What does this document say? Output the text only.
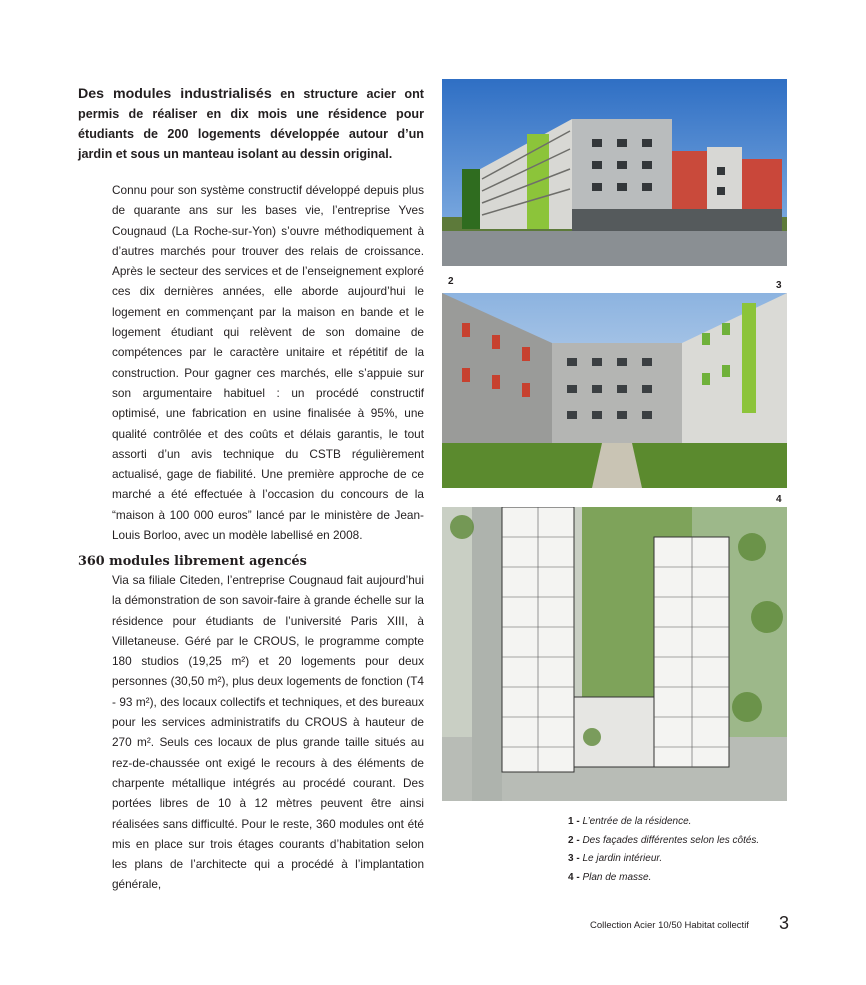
Des modules industrialisés en structure acier ont permis de réaliser en dix mois une résidence pour étudiants de 200 logements développée autour d’un jardin et sous un manteau isolant au dessin original.

Connu pour son système constructif développé depuis plus de quarante ans sur les bases vie, l’entreprise Yves Cougnaud (La Roche-sur-Yon) s’ouvre méthodiquement à d’autres marchés pour trouver des relais de croissance. Après le secteur des services et de l’enseignement exploré ces dix dernières années, elle aborde aujourd’hui le logement en commençant par la maison en bande et le logement étudiant qui relèvent de son domaine de compétences par le caractère unitaire et répétitif de la construction. Pour gagner ces marchés, elle s’appuie sur son argumentaire habituel : un procédé constructif optimisé, une fabrication en usine finalisée à 95%, une qualité contrôlée et des coûts et délais garantis, le tout assorti d’un avis technique du CSTB régulièrement actualisé, gage de fiabilité. Une première approche de ce marché a été effectuée à l’occasion du concours de la “maison à 100 000 euros” lancé par le ministère de Jean-Louis Borloo, avec un modèle labellisé en 2008.

360 modules librement agencés

Via sa filiale Citeden, l’entreprise Cougnaud fait aujourd’hui la démonstration de son savoir-faire à grande échelle sur la résidence pour étudiants de l’université Paris XIII, à Villetaneuse. Géré par le CROUS, le programme compte 180 studios (19,25 m²) et 20 logements pour deux personnes (30,50 m²), plus deux logements de fonction (T4 - 93 m²), des locaux collectifs et techniques, et des bureaux pour les services administratifs du CROUS à hauteur de 270 m². Seuls ces locaux de plus grande taille situés au rez-de-chaussée ont exigé le recours à des éléments de charpente métallique intégrés au procédé courant. Des portées libres de 10 à 12 mètres peuvent être ainsi réalisées sans difficulté. Pour le reste, 360 modules ont été mis en place sur trois étages courants d’habitation selon les plans de l’architecte qui a procédé à l’implantation générale,

2	3
4
1 - L’entrée de la résidence.
2 - Des façades différentes selon les côtés.
3 - Le jardin intérieur.
4 - Plan de masse.
Collection Acier 10/50 Habitat collectif 3
